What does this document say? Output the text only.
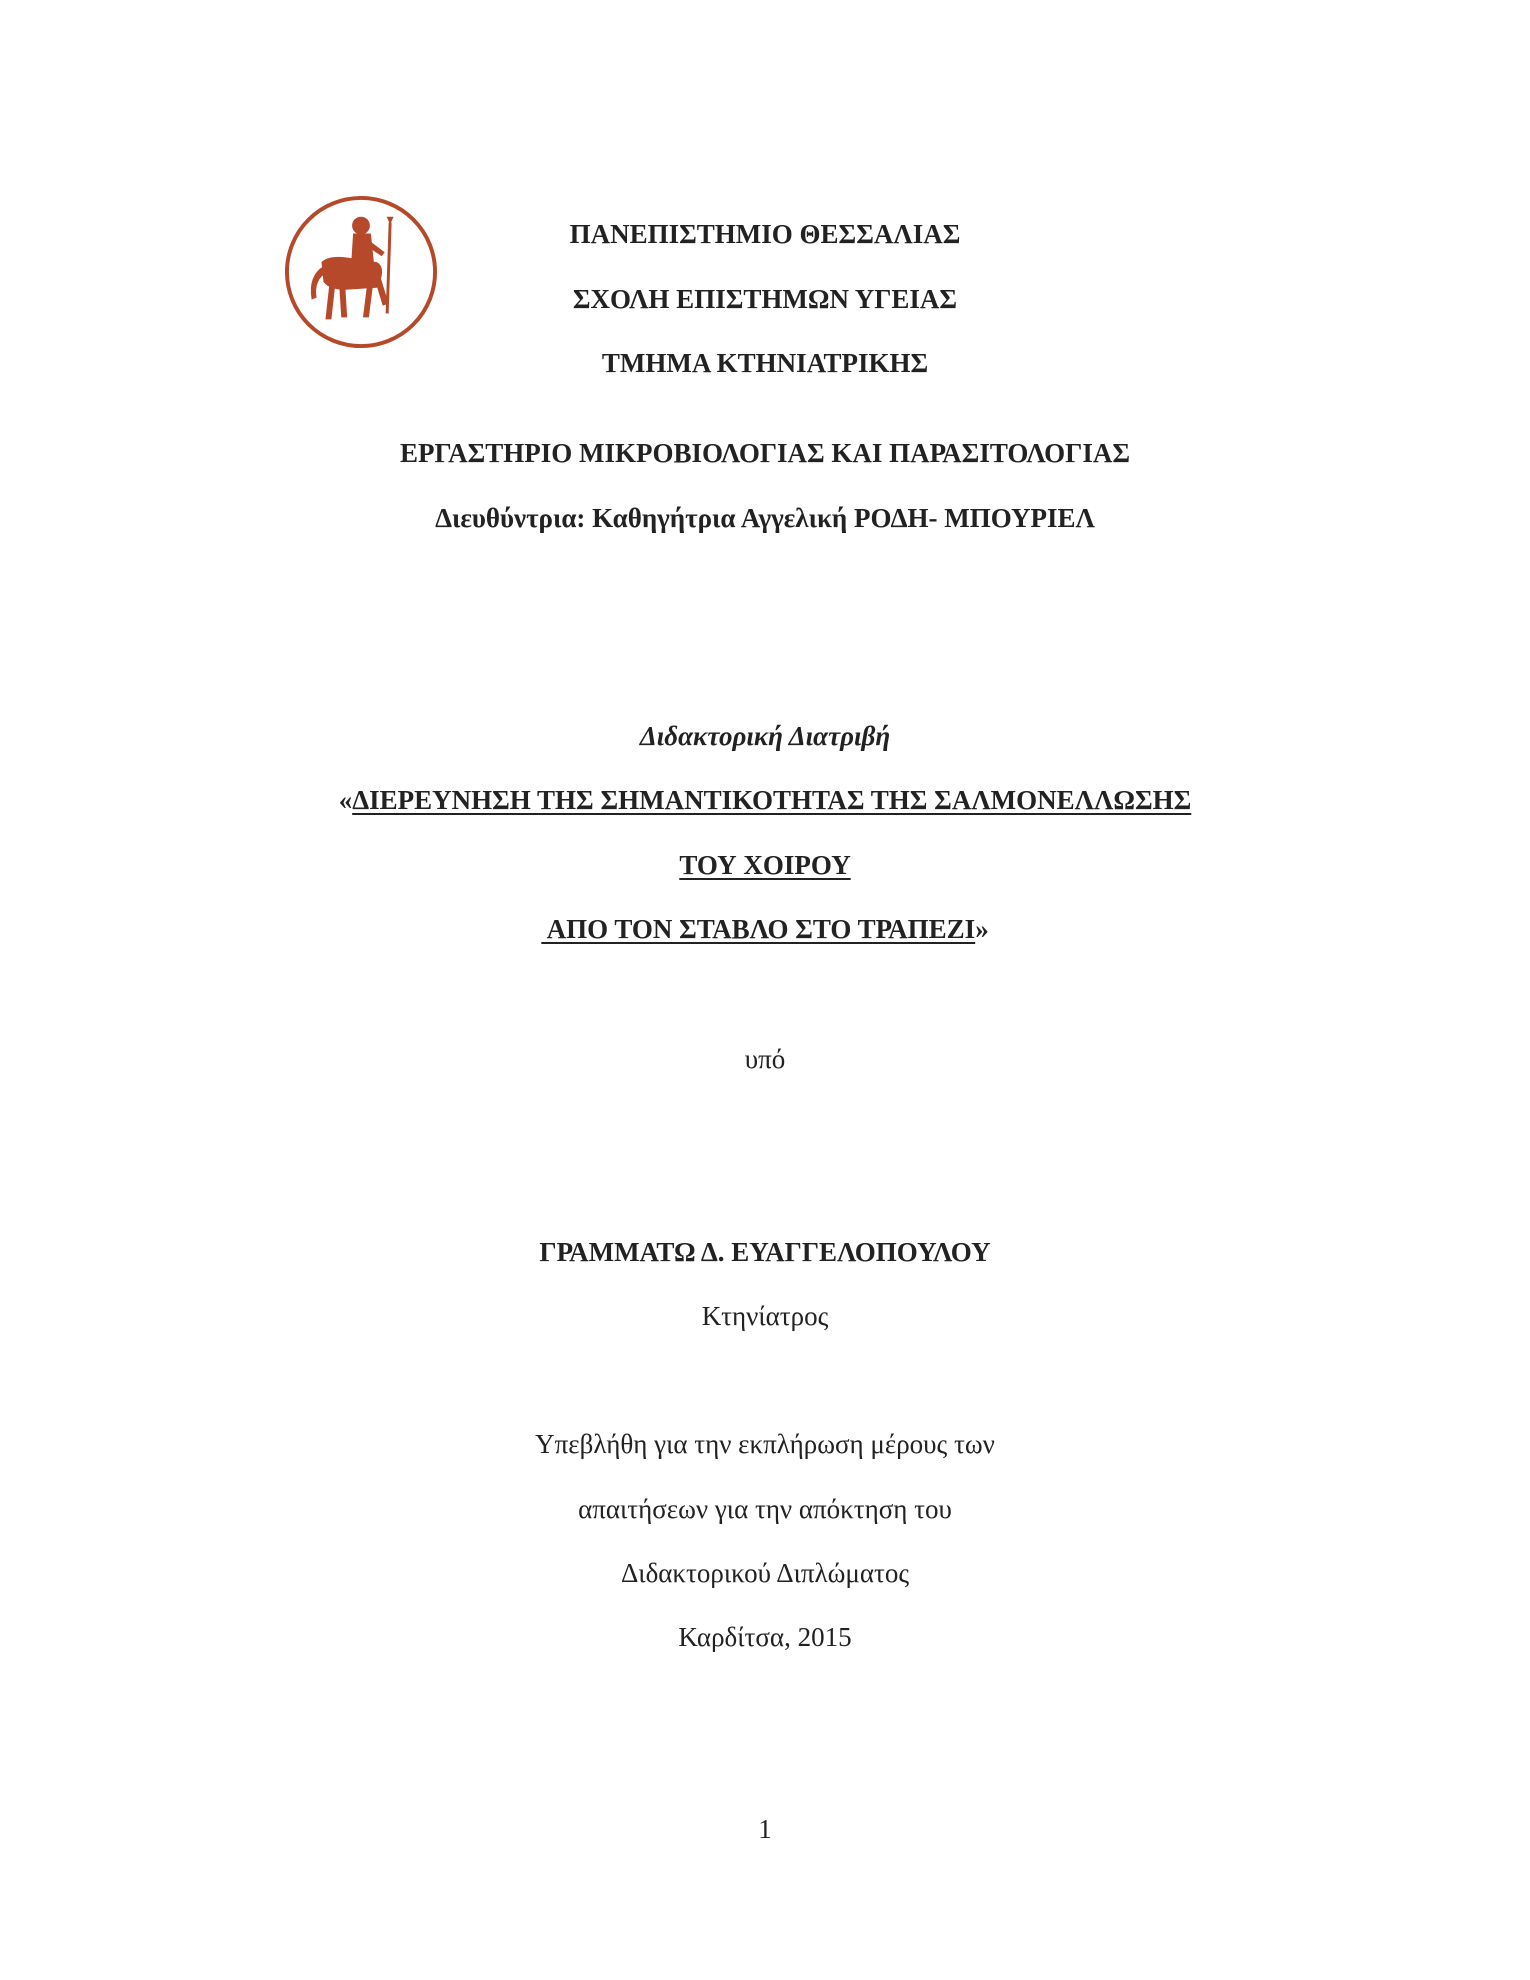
ΠΑΝΕΠΙΣΤΗΜΙΟ ΘΕΣΣΑΛΙΑΣ
ΣΧΟΛΗ ΕΠΙΣΤΗΜΩΝ ΥΓΕΙΑΣ
ΤΜΗΜΑ ΚΤΗΝΙΑΤΡΙΚΗΣ
ΕΡΓΑΣΤΗΡΙΟ ΜΙΚΡΟΒΙΟΛΟΓΙΑΣ ΚΑΙ ΠΑΡΑΣΙΤΟΛΟΓΙΑΣ
Διευθύντρια: Καθηγήτρια Αγγελική ΡΟΔΗ- ΜΠΟΥΡΙΕΛ
Διδακτορική Διατριβή
«ΔΙΕΡΕΥΝΗΣΗ ΤΗΣ ΣΗΜΑΝΤΙΚΟΤΗΤΑΣ ΤΗΣ ΣΑΛΜΟΝΕΛΛΩΣΗΣ
ΤΟΥ ΧΟΙΡΟΥ
ΑΠΟ ΤΟΝ ΣΤΑΒΛΟ ΣΤΟ ΤΡΑΠΕΖΙ»
υπό
ΓΡΑΜΜΑΤΩ Δ. ΕΥΑΓΓΕΛΟΠΟΥΛΟΥ
Κτηνίατρος
Υπεβλήθη για την εκπλήρωση μέρους των
απαιτήσεων για την απόκτηση του
Διδακτορικού Διπλώματος
Καρδίτσα, 2015
1
